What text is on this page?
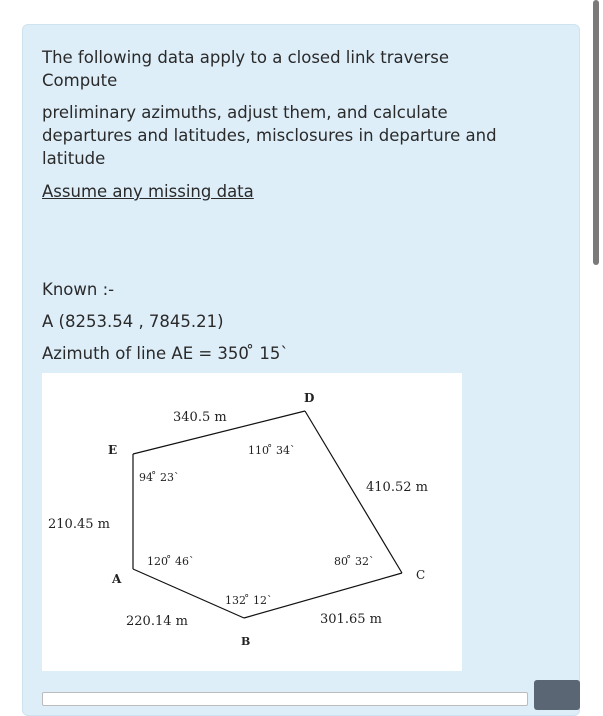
The following data apply to a closed link traverse Compute
preliminary azimuths, adjust them, and calculate departures and latitudes, misclosures in departure and latitude
Assume any missing data
Known :-
A (8253.54 , 7845.21)
Azimuth of line AE = 350 ̊ 15`
D
E
A
B
C
340.5 m
410.52 m
210.45 m
220.14 m	301.65 m
110 ̊ 34`
94 ̊ 23`
120 ̊ 46`
132 ̊ 12`
80 ̊ 32`
